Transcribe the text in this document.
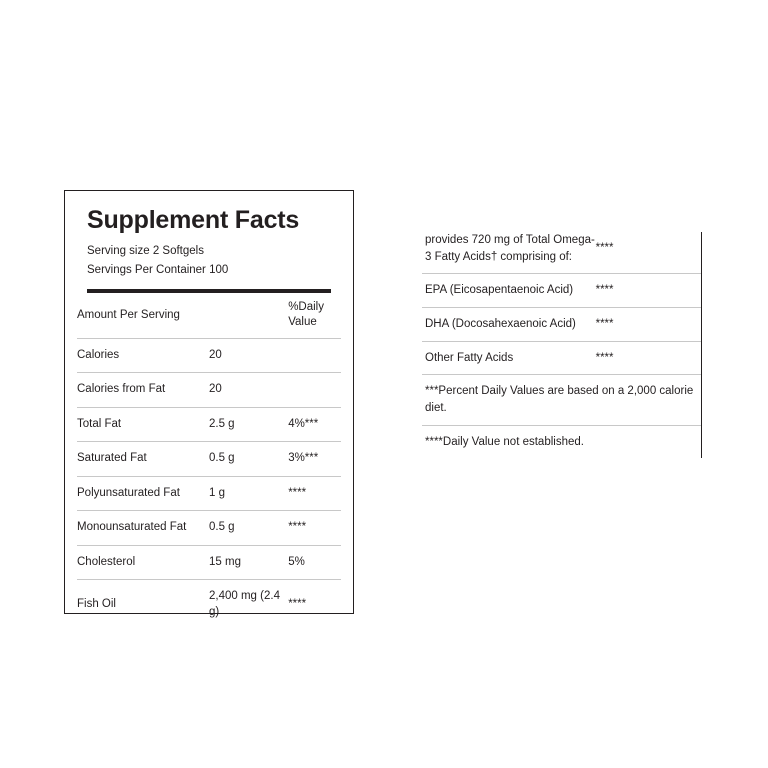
Supplement Facts
Serving size 2 Softgels
Servings Per Container 100
Amount Per Serving		%Daily Value
Calories	20	
Calories from Fat	20	
Total Fat	2.5 g	4%***
Saturated Fat	0.5 g	3%***
Polyunsaturated Fat	1 g	****
Monounsaturated Fat	0.5 g	****
Cholesterol	15 mg	5%
Fish Oil	2,400 mg (2.4 g)	****
provides 720 mg of Total Omega-3 Fatty Acids† comprising of:	****
EPA (Eicosapentaenoic Acid)	****
DHA (Docosahexaenoic Acid)	****
Other Fatty Acids	****
***Percent Daily Values are based on a 2,000 calorie diet.
****Daily Value not established.
